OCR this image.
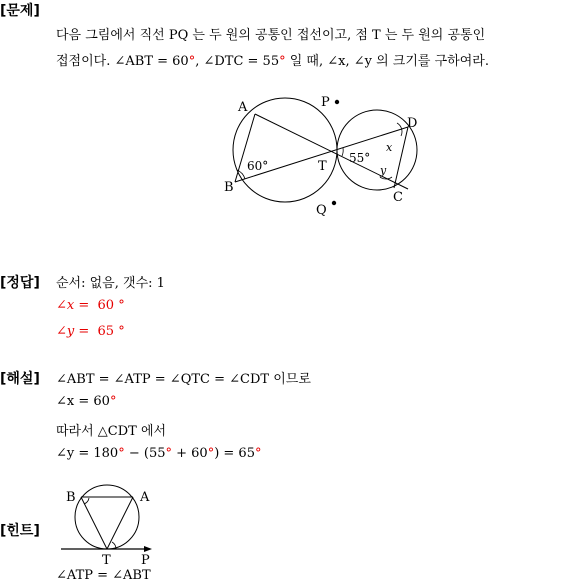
[문제]
다음 그림에서 직선 PQ 는 두 원의 공통인 접선이고, 점 T 는 두 원의 공통인
접점이다. ∠ABT = 60°, ∠DTC = 55° 일 때, ∠x, ∠y 의 크기를 구하여라.
A
B
C
D
T
P
Q
60°
55°
x
y
[정답] 순서: 없음, 갯수: 1
∠x = 60 °
∠y = 65 °
[해설] ∠ABT = ∠ATP = ∠QTC = ∠CDT 이므로
∠x = 60°
따라서 △CDT 에서
∠y = 180° − (55° + 60°) = 65°
[힌트]
B	A
T P
∠ATP = ∠ABT
